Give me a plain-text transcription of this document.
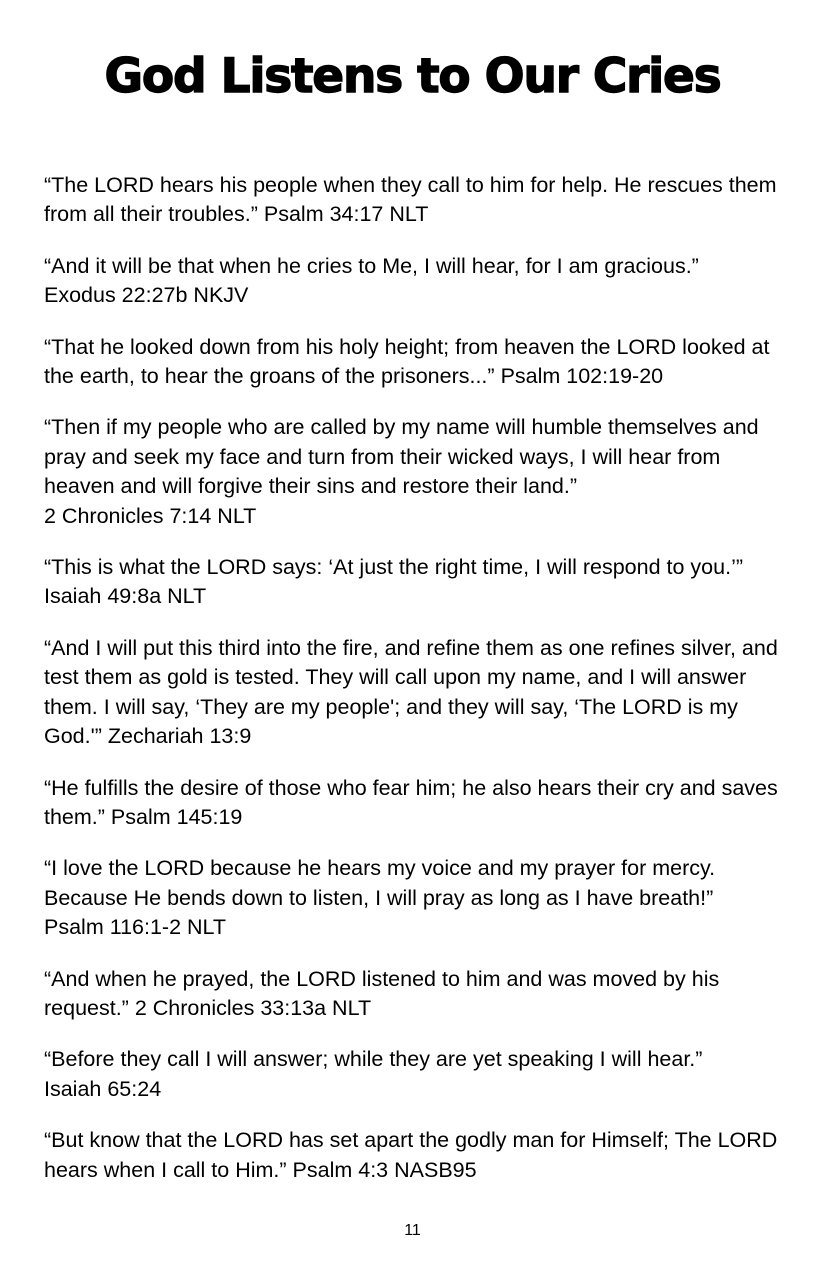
God Listens to Our Cries

“The LORD hears his people when they call to him for help. He rescues them from all their troubles.” Psalm 34:17 NLT

“And it will be that when he cries to Me, I will hear, for I am gracious.”
Exodus 22:27b NKJV

“That he looked down from his holy height; from heaven the LORD looked at the earth, to hear the groans of the prisoners...” Psalm 102:19-20

“Then if my people who are called by my name will humble themselves and pray and seek my face and turn from their wicked ways, I will hear from heaven and will forgive their sins and restore their land.”
2 Chronicles 7:14 NLT

“This is what the LORD says: ‘At just the right time, I will respond to you.’” Isaiah 49:8a NLT

“And I will put this third into the fire, and refine them as one refines silver, and test them as gold is tested. They will call upon my name, and I will answer them. I will say, ‘They are my people'; and they will say, ‘The LORD is my God.'” Zechariah 13:9

“He fulfills the desire of those who fear him; he also hears their cry and saves them.” Psalm 145:19

“I love the LORD because he hears my voice and my prayer for mercy. Because He bends down to listen, I will pray as long as I have breath!”
Psalm 116:1-2 NLT

“And when he prayed, the LORD listened to him and was moved by his request.” 2 Chronicles 33:13a NLT

“Before they call I will answer; while they are yet speaking I will hear.”
Isaiah 65:24

“But know that the LORD has set apart the godly man for Himself; The LORD hears when I call to Him.” Psalm 4:3 NASB95

11
